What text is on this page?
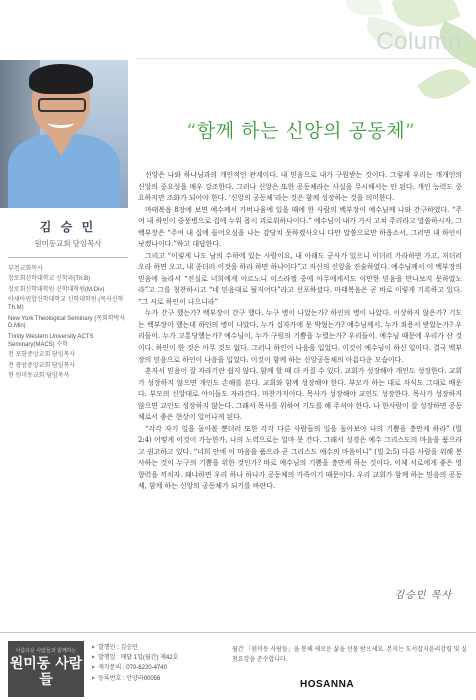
Column
김 승 민
원미동교회 담임목사
부천교회목사
장로회신학대학교 신학과(Th.B)
장로회신학대학원 신학대학원(M.Div)
아세아연합신학대학교 신학대학원 (목사신학 Th.M)
New York Theological Seminary (목회학박사 D.Min)
Trinity Western University ACTS Seminary(MACS) 수학
전 포항중앙교회 담임목사
전 광암중앙교회 담임목사
현 원미동교회 담임목사
“함께 하는 신앙의 공동체”

신앙은 나와 하나님과의 개인적인 관계이다. 내 믿음으로 내가 구원받는 것이다. 그렇게 우리는 개개인의 신앙의 중요성을 매우 강조한다. 그러나 신앙은 또한 공동체라는 사실을 무시해서는 안 된다. 개인 능력도 중요하지만 조화가 되어야 한다. ‘신앙의 공동체’라는 것은 함께 성장하는 것을 의미한다.

마태복음 8장에 보면 예수께서 가버나움에 있을 때에 한 사람의 백부장이 예수님께 나와 간구하였다. “주여 내 하인이 중풍병으로 집에 누워 몹시 괴로워하나이다.” 예수님이 내가 가서 고쳐 주리라고 말씀하시자, 그 백부장은 “주여 내 집에 들어오심을 나는 감당치 못하겠사오니 다만 말씀으로만 하옵소서, 그러면 내 하인이 낫겠나이다.”하고 대답한다.

그리고 “이렇게 나도 남의 수하에 있는 사람이요, 내 아래도 군사가 있으니 이더러 가라하면 가고, 저더러 오라 하면 오고, 내 종더러 이것을 하라 하면 하나이다”고 자신의 신앙을 진술하였다. 예수님께서 이 백부장의 믿음에 놀라서 “진실로 너희에게 이르노니 이스라엘 중에 아무에게서도 이만한 믿음을 만나보지 못하였노라”고 그를 칭찬하시고 “네 믿음대로 될지어다”라고 선포하셨다. 마태복음은 곧 바로 이렇게 기록하고 있다. “그 시로 하인이 나으니라”

누가 간구 했는가? 백부장이 간구 했다. 누구 병이 나았는가? 하인의 병이 나았다. 이상하지 않은가? 기도는 백부장이 했는데 하인의 병이 나았다. 누가 십자가에 못 박혔는가? 예수님께서. 누가 죄용서 받았는가? 우리들이. 누가 고통당했는가? 예수님이, 누가 구원의 기쁨을 누렸는가? 우리들이. 예수님 때문에 우리가 산 것이다. 하인이 한 것은 아무 것도 없다. 그러나 하인이 나음을 입었다. 이것이 예수님이 하신 일이다. 결국 백부장의 믿음으로 하인이 나음을 입었다. 이것이 함께 하는 신앙공동체의 아름다운 모습이다.

혼자서 믿음이 잘 자라기란 쉽지 않다. 함께 할 때 더 커질 수 있다. 교회가 성장해야 개인도 성장한다. 교회가 성장하지 않으면 개인도 손해를 본다. 교회와 함께 성장해야 한다. 부모가 하는 대로 자식도 그대로 배운다. 부모의 신앙대로 아이들도 자라간다. 마찬가지이다. 목사가 성장해야 교인도 성장한다. 목사가 성장하지 않으면 교인도 성장하지 않는다. 그래서 목사를 위하여 기도를 해 주셔야 한다. 나 한사람이 잘 성장하면 공동체로서 좋은 현상이 일어나게 된다.

“각각 자기 일을 돌아볼 뿐더러 또한 각각 다른 사람들의 일을 돌아보아 나의 기쁨을 충만케 하라” (빌 2:4) 어떻게 이것이 가능한가, 나의 노력으로는 얼마 못 간다. 그래서 성경은 예수 그리스도의 마음을 품으라고 권고하고 있다. “너희 안에 이 마음을 품으라 곧 그리스도 예수의 마음이니” (빌 2:5) 다른 사람을 위해 봉사하는 것이 누구의 기쁨을 위한 것인가? 바로 예수님의 기쁨을 충만케 하는 것이다. 이제 서로에게 좋은 영향력을 끼치자. 왜냐하면 우리 하나 하나가 공동체의 가족이기 때문이다. 우리 교회가 함께 하는 믿음의 공동체, 함께 하는 신앙의 공동체가 되기를 바란다.

김승민 목사
아름다운 사람들과 함께하는
원미동 사람들
▶ 발행인 : 김승민
▶ 발행일 : 매달 1일(월간) 제42호
▶ 제작문의 : 070-6220-4740
▶ 등록번호 : 안양라00056
월간 「원미동 사람들」을 통해 새로운 삶을 선물 받으세요. 본지는 도서잡지윤리강령 및 실천요강을 준수합니다.
HOSANNA
